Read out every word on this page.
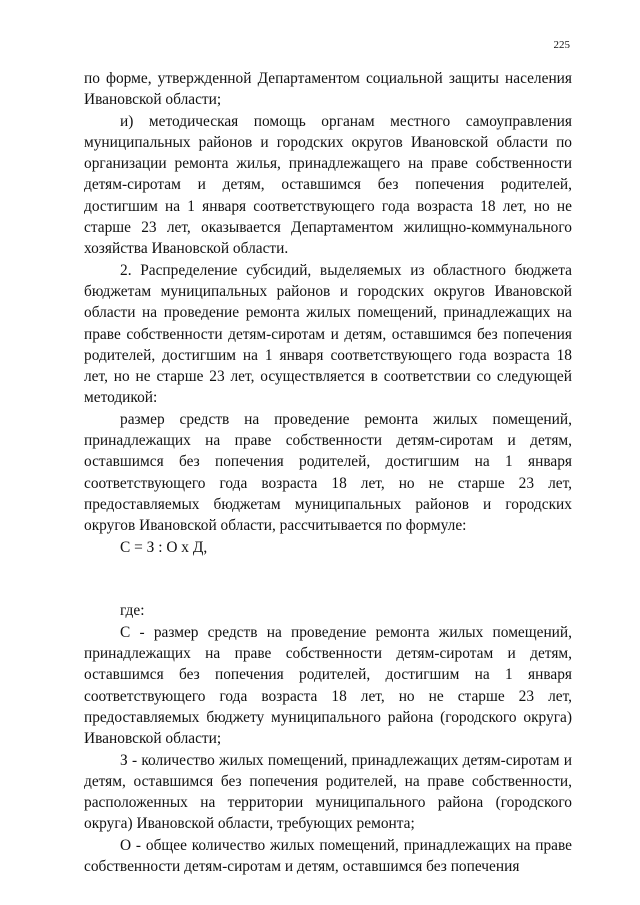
225

по форме, утвержденной Департаментом социальной защиты населения Ивановской области;

и) методическая помощь органам местного самоуправления муниципальных районов и городских округов Ивановской области по организации ремонта жилья, принадлежащего на праве собственности детям-сиротам и детям, оставшимся без попечения родителей, достигшим на 1 января соответствующего года возраста 18 лет, но не старше 23 лет, оказывается Департаментом жилищно-коммунального хозяйства Ивановской области.

2. Распределение субсидий, выделяемых из областного бюджета бюджетам муниципальных районов и городских округов Ивановской области на проведение ремонта жилых помещений, принадлежащих на праве собственности детям-сиротам и детям, оставшимся без попечения родителей, достигшим на 1 января соответствующего года возраста 18 лет, но не старше 23 лет, осуществляется в соответствии со следующей методикой:

размер средств на проведение ремонта жилых помещений, принадлежащих на праве собственности детям-сиротам и детям, оставшимся без попечения родителей, достигшим на 1 января соответствующего года возраста 18 лет, но не старше 23 лет, предоставляемых бюджетам муниципальных районов и городских округов Ивановской области, рассчитывается по формуле:

С = З : О х Д,

где:

С - размер средств на проведение ремонта жилых помещений, принадлежащих на праве собственности детям-сиротам и детям, оставшимся без попечения родителей, достигшим на 1 января соответствующего года возраста 18 лет, но не старше 23 лет, предоставляемых бюджету муниципального района (городского округа) Ивановской области;

З - количество жилых помещений, принадлежащих детям-сиротам и детям, оставшимся без попечения родителей, на праве собственности, расположенных на территории муниципального района (городского округа) Ивановской области, требующих ремонта;

О - общее количество жилых помещений, принадлежащих на праве собственности детям-сиротам и детям, оставшимся без попечения
